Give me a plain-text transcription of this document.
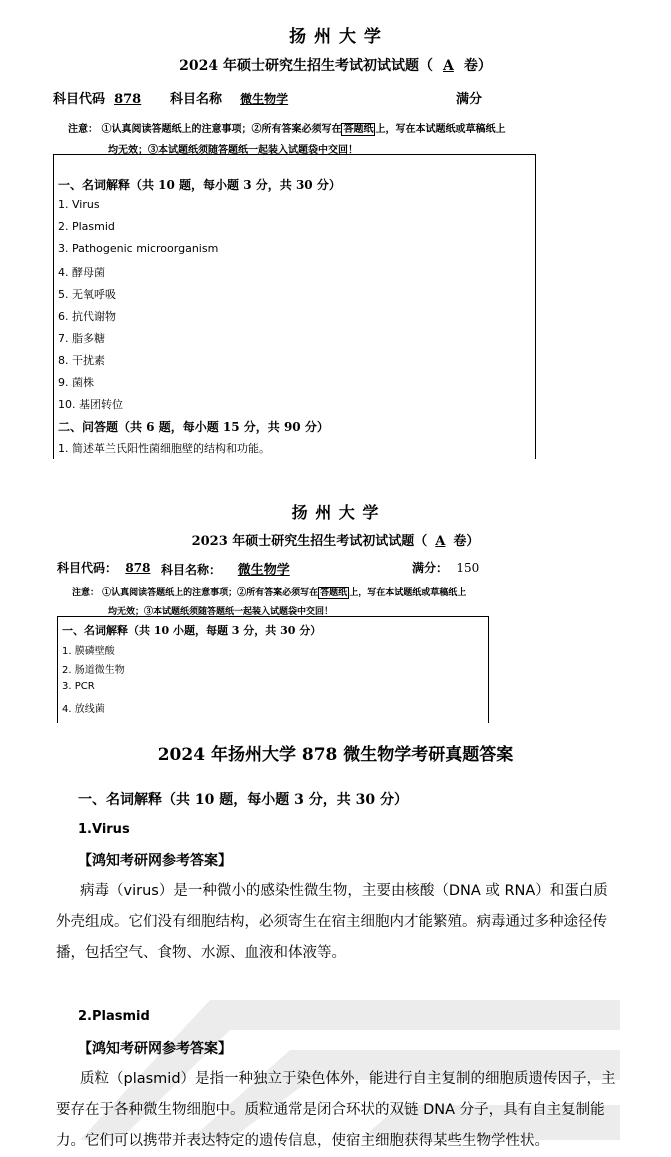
扬 州 大 学
2024 年硕士研究生招生考试初试试题（ A 卷）
科目代码 878 科目名称 微生物学	满分
注意： ①认真阅读答题纸上的注意事项；②所有答案必须写在 答题纸 上，写在本试题纸或草稿纸上
均无效；③本试题纸须随答题纸一起装入试题袋中交回！
一、名词解释（共 10 题，每小题 3 分，共 30 分）
1. Virus
2. Plasmid
3. Pathogenic microorganism
4. 酵母菌
5. 无氧呼吸
6. 抗代谢物
7. 脂多糖
8. 干扰素
9. 菌株
10. 基团转位
二、问答题（共 6 题，每小题 15 分，共 90 分）
1. 简述革兰氏阳性菌细胞壁的结构和功能。
扬 州 大 学
2023 年硕士研究生招生考试初试试题（ A 卷）
科目代码： 878 科目名称： 微生物学	满分： 150
注意： ①认真阅读答题纸上的注意事项；②所有答案必须写在 答题纸 上，写在本试题纸或草稿纸上
均无效；③本试题纸须随答题纸一起装入试题袋中交回！
一、名词解释（共 10 小题，每题 3 分，共 30 分）
1. 膜磷壁酸
2. 肠道微生物
3. PCR
4. 放线菌
2024 年扬州大学 878 微生物学考研真题答案
一、名词解释（共 10 题，每小题 3 分，共 30 分）
1.Virus
【鸿知考研网参考答案】
病毒（virus）是一种微小的感染性微生物，主要由核酸（DNA 或 RNA）和蛋白质外壳组成。它们没有细胞结构，必须寄生在宿主细胞内才能繁殖。病毒通过多种途径传播，包括空气、食物、水源、血液和体液等。
2.Plasmid
【鸿知考研网参考答案】
质粒（plasmid）是指一种独立于染色体外，能进行自主复制的细胞质遗传因子，主要存在于各种微生物细胞中。质粒通常是闭合环状的双链 DNA 分子，具有自主复制能力。它们可以携带并表达特定的遗传信息，使宿主细胞获得某些生物学性状。
